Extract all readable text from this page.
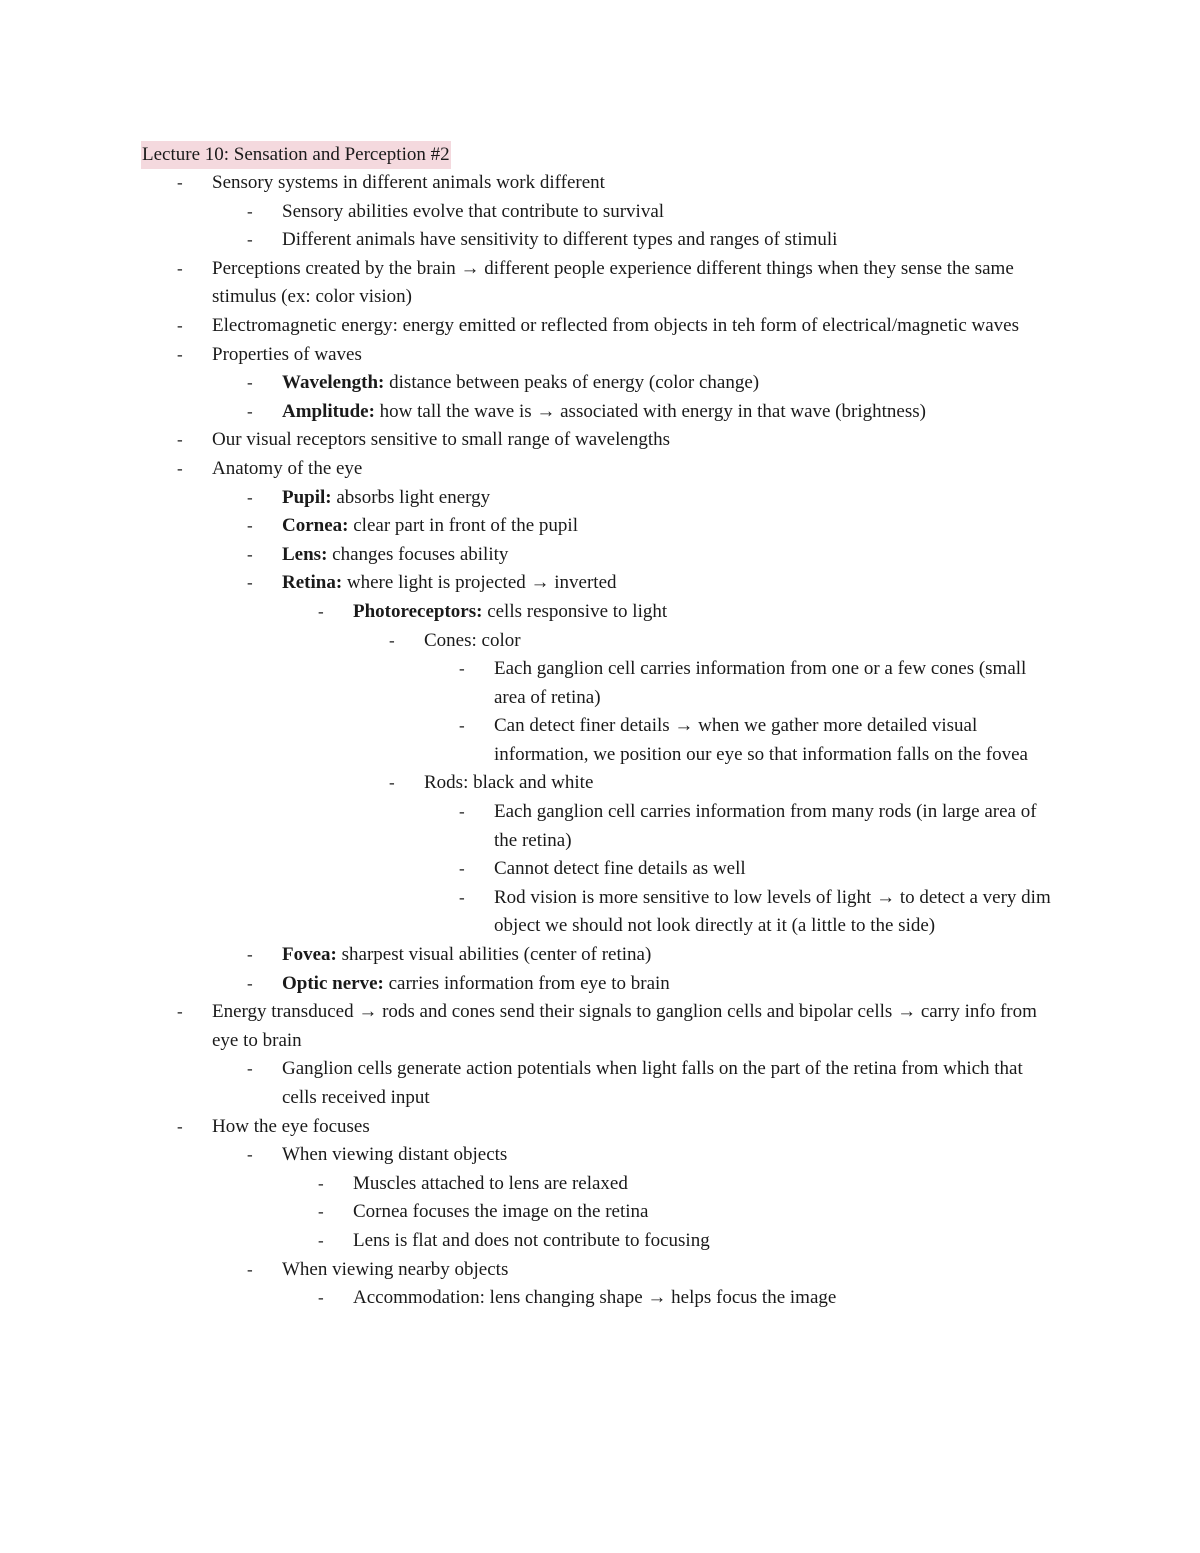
Lecture 10: Sensation and Perception #2
- Sensory systems in different animals work different
- Sensory abilities evolve that contribute to survival
- Different animals have sensitivity to different types and ranges of stimuli
- Perceptions created by the brain → different people experience different things when they sense the same stimulus (ex: color vision)
- Electromagnetic energy: energy emitted or reflected from objects in teh form of electrical/magnetic waves
- Properties of waves
- Wavelength: distance between peaks of energy (color change)
- Amplitude: how tall the wave is → associated with energy in that wave (brightness)
- Our visual receptors sensitive to small range of wavelengths
- Anatomy of the eye
- Pupil: absorbs light energy
- Cornea: clear part in front of the pupil
- Lens: changes focuses ability
- Retina: where light is projected → inverted
- Photoreceptors: cells responsive to light
- Cones: color
- Each ganglion cell carries information from one or a few cones (small area of retina)
- Can detect finer details → when we gather more detailed visual information, we position our eye so that information falls on the fovea
- Rods: black and white
- Each ganglion cell carries information from many rods (in large area of the retina)
- Cannot detect fine details as well
- Rod vision is more sensitive to low levels of light → to detect a very dim object we should not look directly at it (a little to the side)
- Fovea: sharpest visual abilities (center of retina)
- Optic nerve: carries information from eye to brain
- Energy transduced → rods and cones send their signals to ganglion cells and bipolar cells → carry info from eye to brain
- Ganglion cells generate action potentials when light falls on the part of the retina from which that cells received input
- How the eye focuses
- When viewing distant objects
- Muscles attached to lens are relaxed
- Cornea focuses the image on the retina
- Lens is flat and does not contribute to focusing
- When viewing nearby objects
- Accommodation: lens changing shape → helps focus the image
